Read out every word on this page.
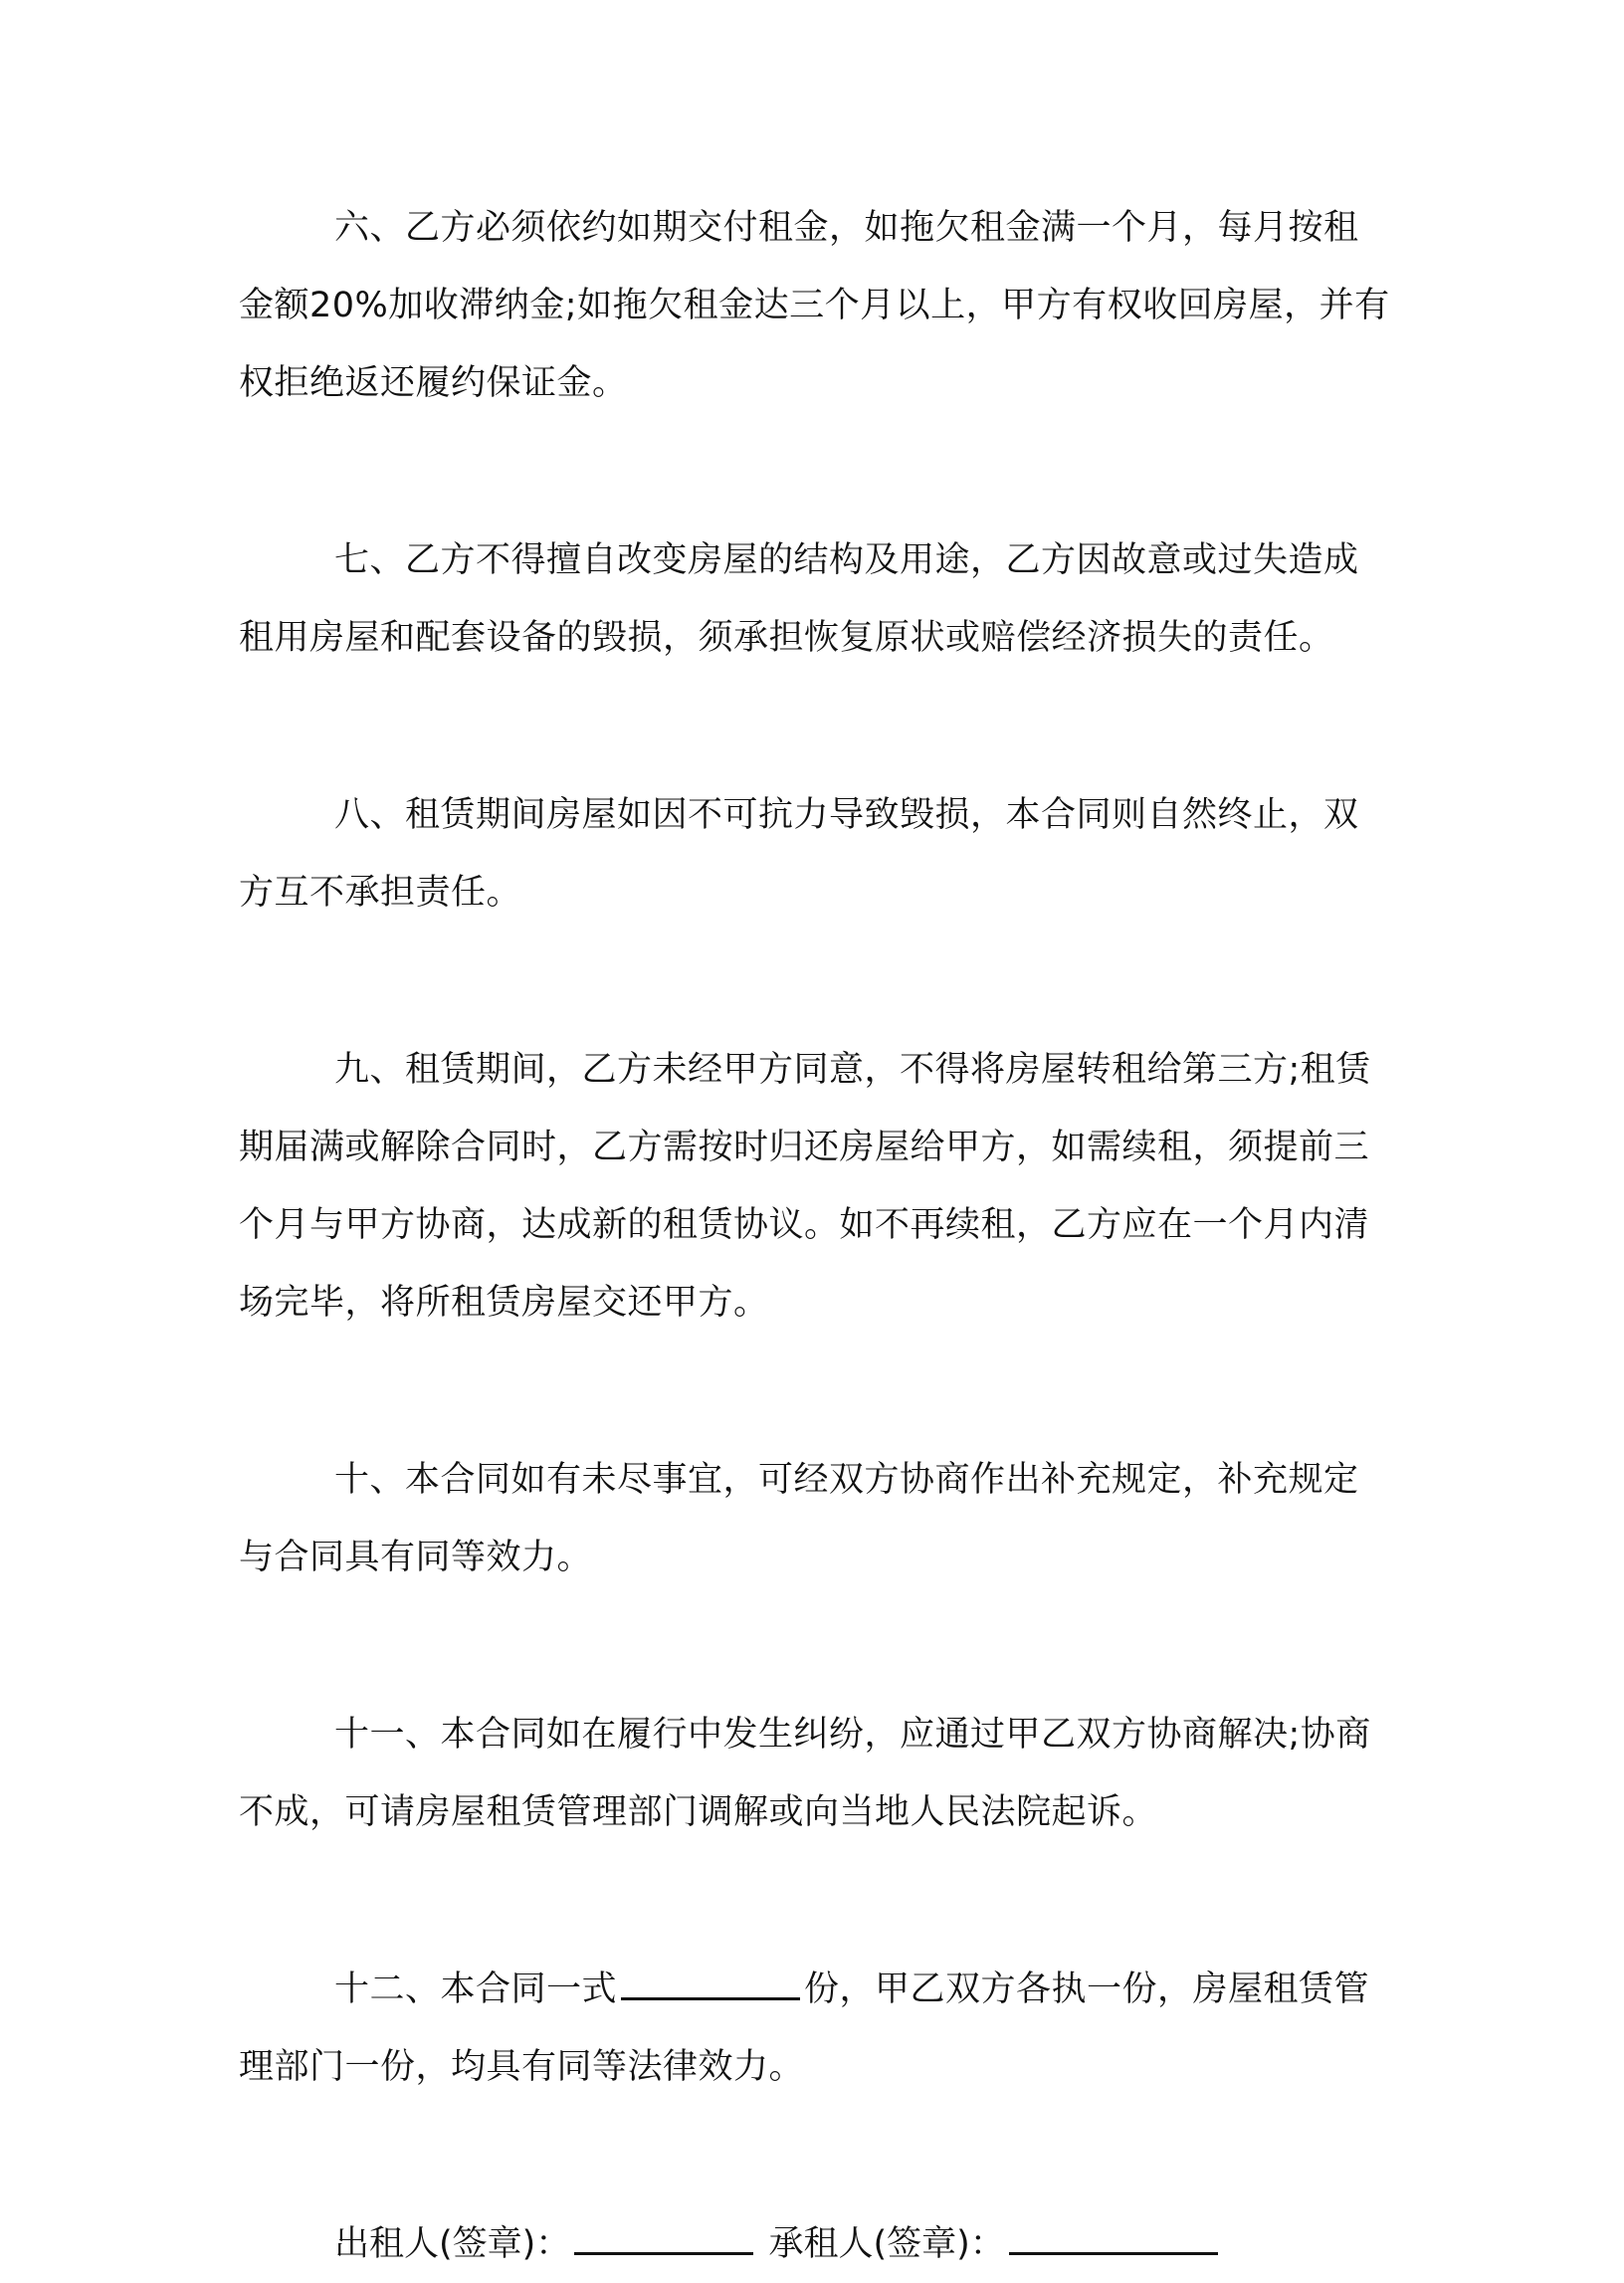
六、乙方必须依约如期交付租金，如拖欠租金满一个月，每月按租金额20%加收滞纳金;如拖欠租金达三个月以上，甲方有权收回房屋，并有权拒绝返还履约保证金。

七、乙方不得擅自改变房屋的结构及用途，乙方因故意或过失造成租用房屋和配套设备的毁损，须承担恢复原状或赔偿经济损失的责任。

八、租赁期间房屋如因不可抗力导致毁损，本合同则自然终止，双方互不承担责任。

九、租赁期间，乙方未经甲方同意，不得将房屋转租给第三方;租赁期届满或解除合同时，乙方需按时归还房屋给甲方，如需续租，须提前三个月与甲方协商，达成新的租赁协议。如不再续租，乙方应在一个月内清场完毕，将所租赁房屋交还甲方。

十、本合同如有未尽事宜，可经双方协商作出补充规定，补充规定与合同具有同等效力。

十一、本合同如在履行中发生纠纷，应通过甲乙双方协商解决;协商不成，可请房屋租赁管理部门调解或向当地人民法院起诉。

十二、本合同一式	份，甲乙双方各执一份，房屋租赁管理部门一份，均具有同等法律效力。

出租人(签章)：	承租人(签章)：
